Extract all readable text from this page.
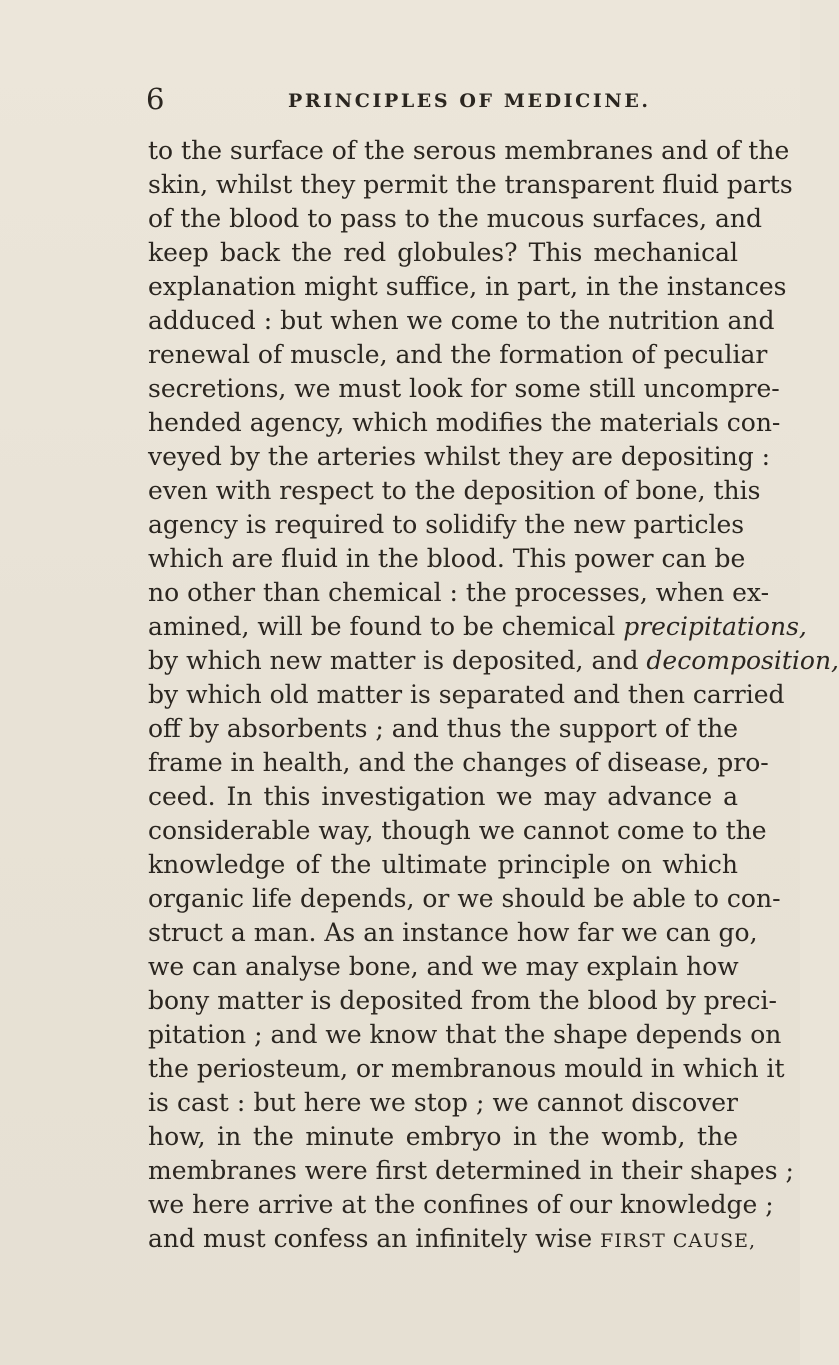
6	PRINCIPLES OF MEDICINE.
to the surface of the serous membranes and of the
skin, whilst they permit the transparent fluid parts
of the blood to pass to the mucous surfaces, and
keep back the red globules? This mechanical
explanation might suffice, in part, in the instances
adduced : but when we come to the nutrition and
renewal of muscle, and the formation of peculiar
secretions, we must look for some still uncompre-
hended agency, which modifies the materials con-
veyed by the arteries whilst they are depositing :
even with respect to the deposition of bone, this
agency is required to solidify the new particles
which are fluid in the blood. This power can be
no other than chemical : the processes, when ex-
amined, will be found to be chemical precipitations,
by which new matter is deposited, and decomposition,
by which old matter is separated and then carried
off by absorbents ; and thus the support of the
frame in health, and the changes of disease, pro-
ceed. In this investigation we may advance a
considerable way, though we cannot come to the
knowledge of the ultimate principle on which
organic life depends, or we should be able to con-
struct a man. As an instance how far we can go,
we can analyse bone, and we may explain how
bony matter is deposited from the blood by preci-
pitation ; and we know that the shape depends on
the periosteum, or membranous mould in which it
is cast : but here we stop ; we cannot discover
how, in the minute embryo in the womb, the
membranes were first determined in their shapes ;
we here arrive at the confines of our knowledge ;
and must confess an infinitely wise FIRST CAUSE,
